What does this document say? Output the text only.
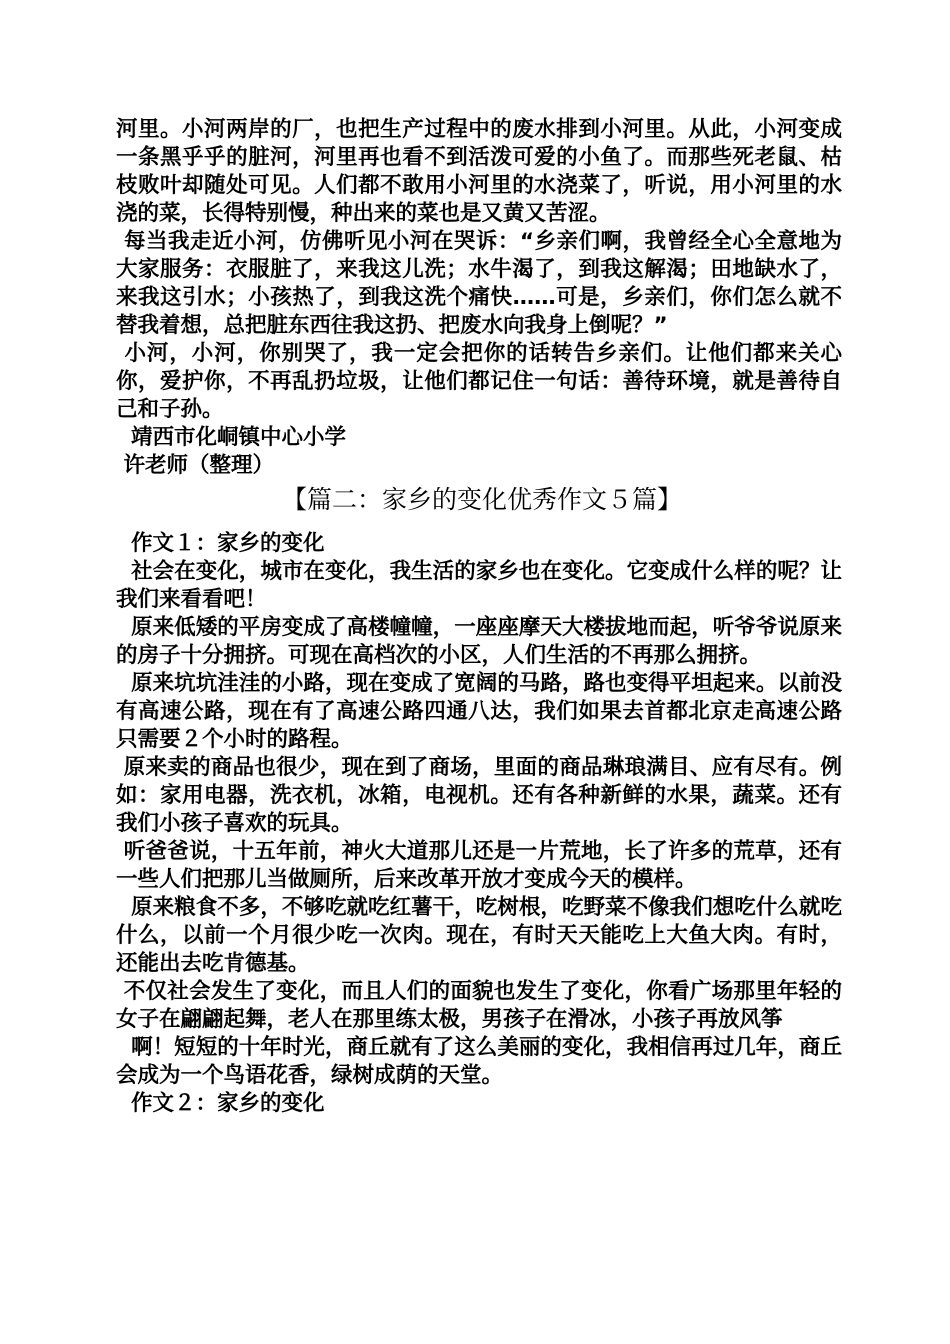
河里。小河两岸的厂，也把生产过程中的废水排到小河里。从此，小河变成一条黑乎乎的脏河，河里再也看不到活泼可爱的小鱼了。而那些死老鼠、枯枝败叶却随处可见。人们都不敢用小河里的水浇菜了，听说，用小河里的水浇的菜，长得特别慢，种出来的菜也是又黄又苦涩。

每当我走近小河，仿佛听见小河在哭诉：“乡亲们啊，我曾经全心全意地为大家服务：衣服脏了，来我这儿洗；水牛渴了，到我这解渴；田地缺水了，来我这引水；小孩热了，到我这洗个痛快……可是，乡亲们，你们怎么就不替我着想，总把脏东西往我这扔、把废水向我身上倒呢？”

小河，小河，你别哭了，我一定会把你的话转告乡亲们。让他们都来关心你，爱护你，不再乱扔垃圾，让他们都记住一句话：善待环境，就是善待自己和子孙。

靖西市化峒镇中心小学

许老师（整理）

【篇二：家乡的变化优秀作文５篇】

作文１：家乡的变化

社会在变化，城市在变化，我生活的家乡也在变化。它变成什么样的呢？让我们来看看吧！

原来低矮的平房变成了高楼幢幢，一座座摩天大楼拔地而起，听爷爷说原来的房子十分拥挤。可现在高档次的小区，人们生活的不再那么拥挤。

原来坑坑洼洼的小路，现在变成了宽阔的马路，路也变得平坦起来。以前没有高速公路，现在有了高速公路四通八达，我们如果去首都北京走高速公路只需要２个小时的路程。

原来卖的商品也很少，现在到了商场，里面的商品琳琅满目、应有尽有。例如：家用电器，洗衣机，冰箱，电视机。还有各种新鲜的水果，蔬菜。还有我们小孩子喜欢的玩具。

听爸爸说，十五年前，神火大道那儿还是一片荒地，长了许多的荒草，还有一些人们把那儿当做厕所，后来改革开放才变成今天的模样。

原来粮食不多，不够吃就吃红薯干，吃树根，吃野菜不像我们想吃什么就吃什么，以前一个月很少吃一次肉。现在，有时天天能吃上大鱼大肉。有时，还能出去吃肯德基。

不仅社会发生了变化，而且人们的面貌也发生了变化，你看广场那里年轻的女子在翩翩起舞，老人在那里练太极，男孩子在滑冰，小孩子再放风筝

啊！短短的十年时光，商丘就有了这么美丽的变化，我相信再过几年，商丘会成为一个鸟语花香，绿树成荫的天堂。

作文２：家乡的变化
